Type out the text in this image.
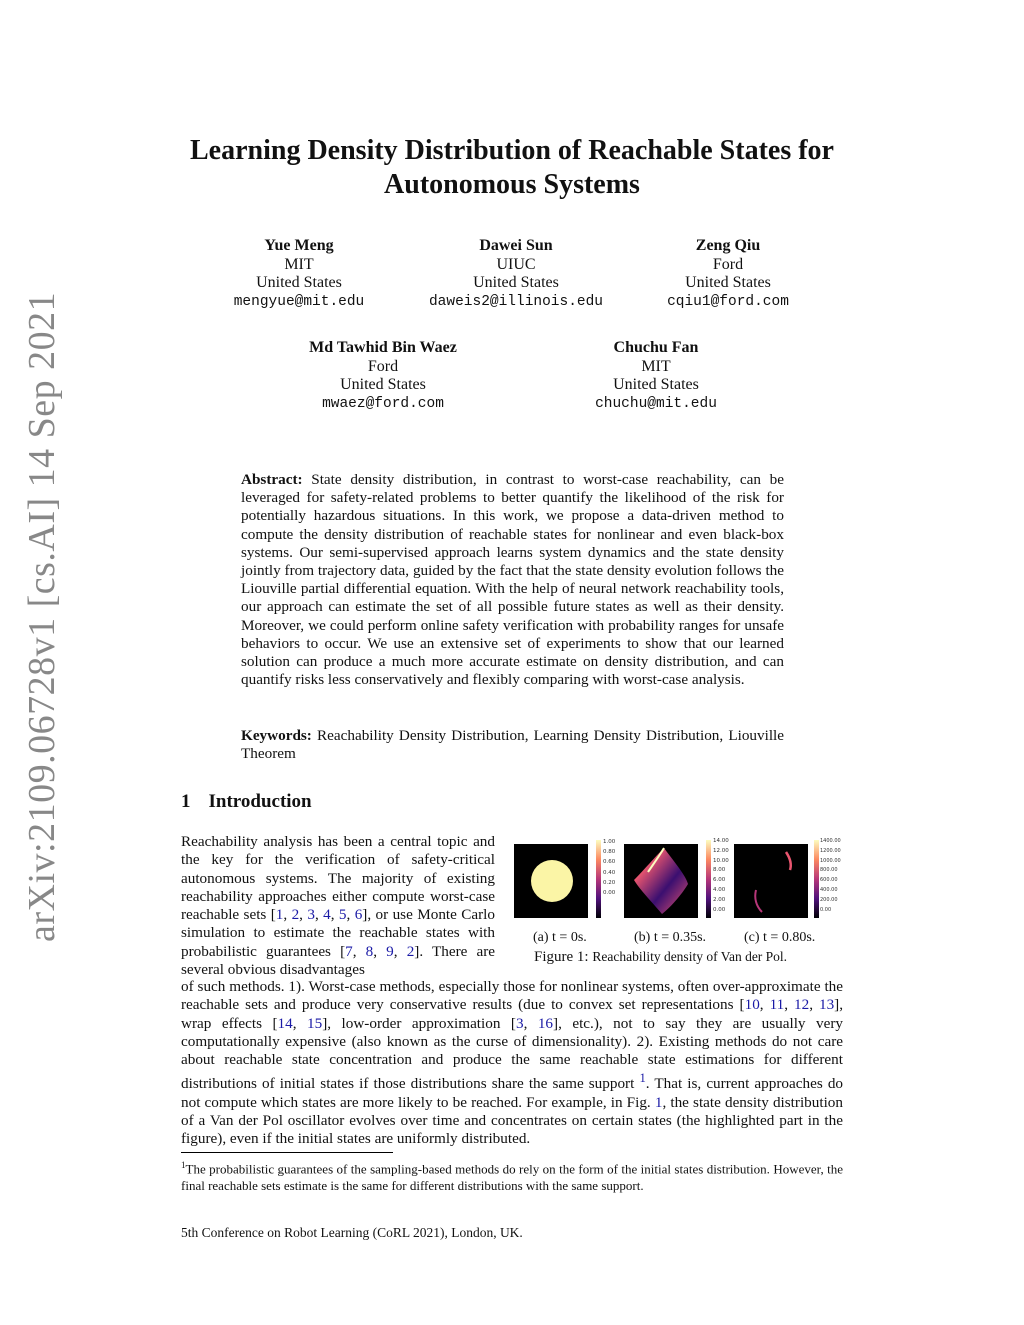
arXiv:2109.06728v1 [cs.AI] 14 Sep 2021
Learning Density Distribution of Reachable States for Autonomous Systems
Yue Meng
MIT
United States
mengyue@mit.edu
Dawei Sun
UIUC
United States
daweis2@illinois.edu
Zeng Qiu
Ford
United States
cqiu1@ford.com
Md Tawhid Bin Waez
Ford
United States
mwaez@ford.com
Chuchu Fan
MIT
United States
chuchu@mit.edu
Abstract: State density distribution, in contrast to worst-case reachability, can be leveraged for safety-related problems to better quantify the likelihood of the risk for potentially hazardous situations. In this work, we propose a data-driven method to compute the density distribution of reachable states for nonlinear and even black-box systems. Our semi-supervised approach learns system dynamics and the state density jointly from trajectory data, guided by the fact that the state density evolution follows the Liouville partial differential equation. With the help of neural network reachability tools, our approach can estimate the set of all possible future states as well as their density. Moreover, we could perform online safety verification with probability ranges for unsafe behaviors to occur. We use an extensive set of experiments to show that our learned solution can produce a much more accurate estimate on density distribution, and can quantify risks less conservatively and flexibly comparing with worst-case analysis.
Keywords: Reachability Density Distribution, Learning Density Distribution, Liouville Theorem
1 Introduction
Reachability analysis has been a central topic and the key for the verification of safety-critical autonomous systems. The majority of existing reachability approaches either compute worst-case reachable sets [1, 2, 3, 4, 5, 6], or use Monte Carlo simulation to estimate the reachable states with probabilistic guarantees [7, 8, 9, 2]. There are several obvious disadvantages
of such methods. 1). Worst-case methods, especially those for nonlinear systems, often over-approximate the reachable sets and produce very conservative results (due to convex set representations [10, 11, 12, 13], wrap effects [14, 15], low-order approximation [3, 16], etc.), not to say they are usually very computationally expensive (also known as the curse of dimensionality). 2). Existing methods do not care about reachable state concentration and produce the same reachable state estimations for different distributions of initial states if those distributions share the same support $^1$. That is, current approaches do not compute which states are more likely to be reached. For example, in Fig. 1, the state density distribution of a Van der Pol oscillator evolves over time and concentrates on certain states (the highlighted part in the figure), even if the initial states are uniformly distributed.
1.00
0.80
0.60
0.40
0.20
0.00
14.00
12.00
10.00
8.00
6.00
4.00
2.00
0.00
1400.00
1200.00
1000.00
800.00
600.00
400.00
200.00
0.00
(a) t = 0s.	(b) t = 0.35s.	(c) t = 0.80s.
Figure 1: Reachability density of Van der Pol.
$^1$The probabilistic guarantees of the sampling-based methods do rely on the form of the initial states distribution. However, the final reachable sets estimate is the same for different distributions with the same support.
5th Conference on Robot Learning (CoRL 2021), London, UK.
